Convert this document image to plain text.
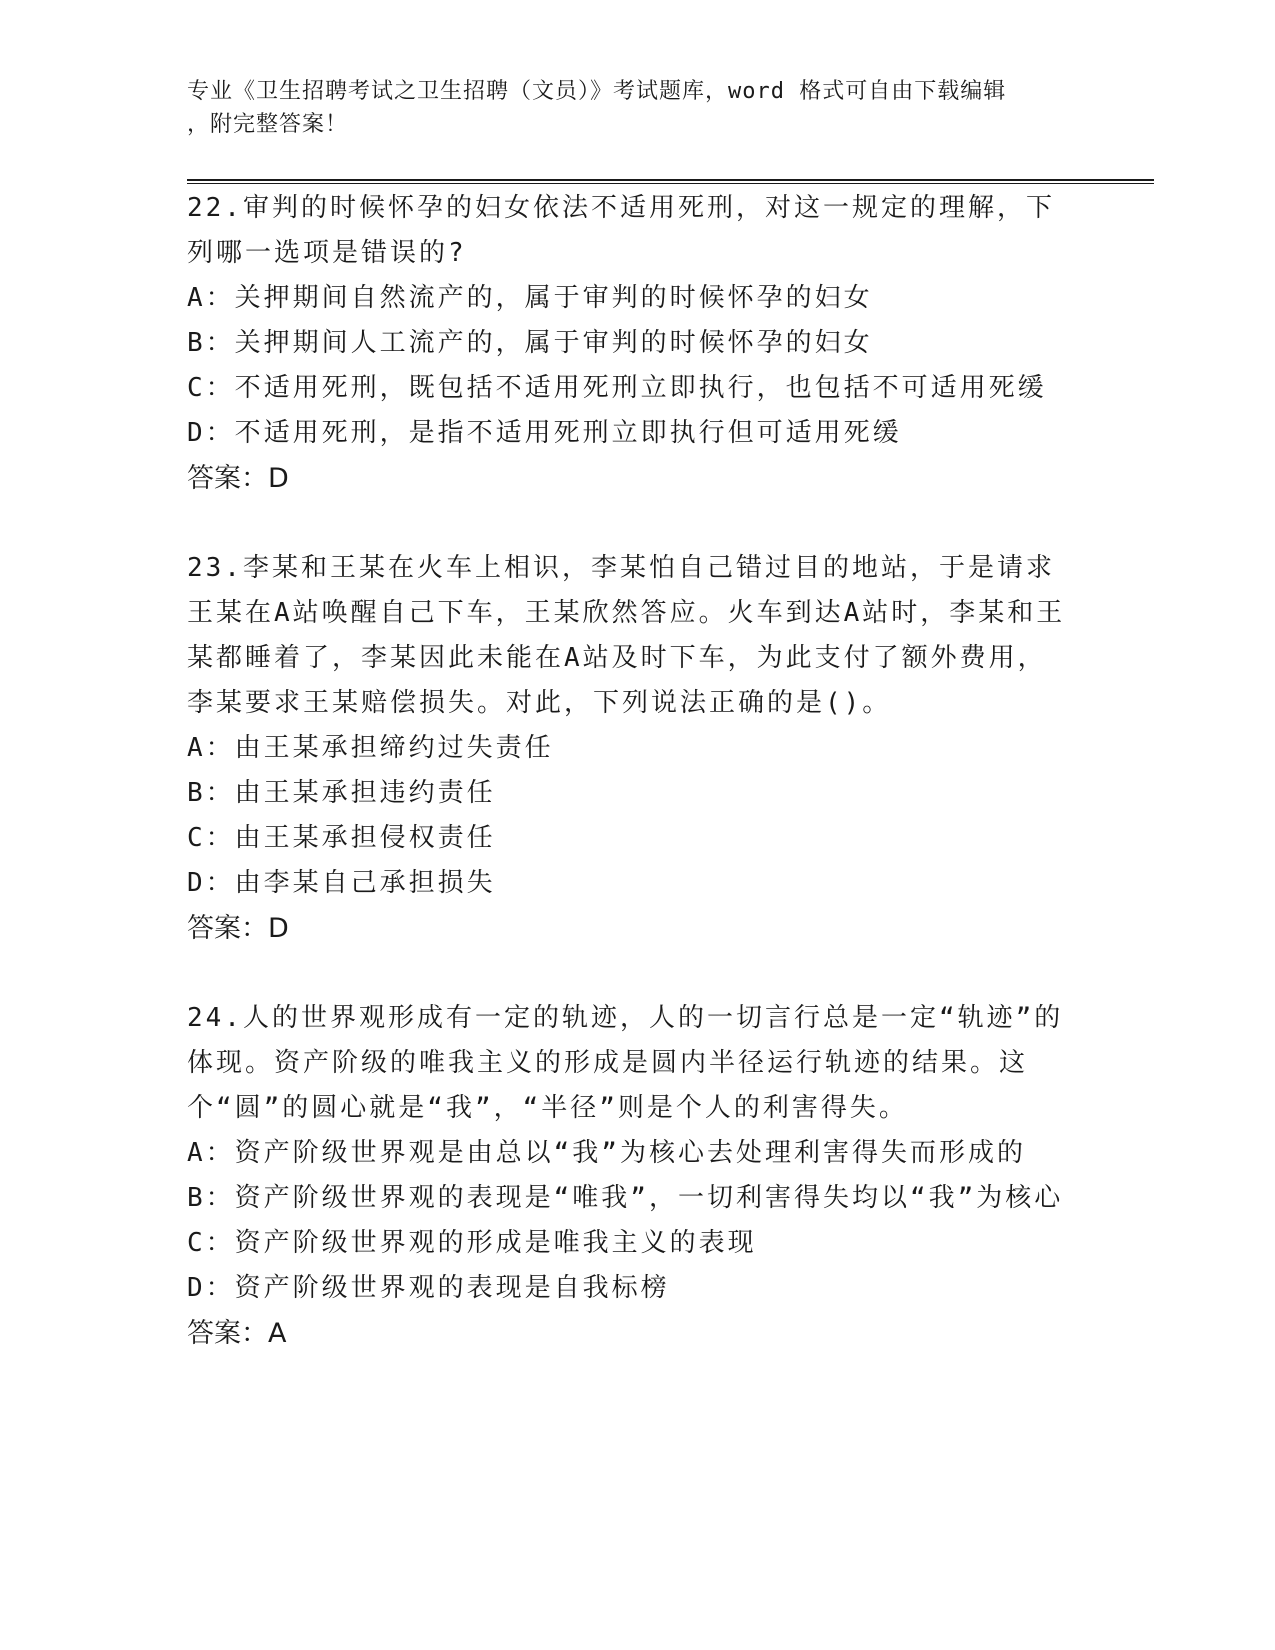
专业《卫生招聘考试之卫生招聘（文员）》考试题库，word 格式可自由下载编辑
，附完整答案！

22.审判的时候怀孕的妇女依法不适用死刑，对这一规定的理解，下列哪一选项是错误的?

A：关押期间自然流产的，属于审判的时候怀孕的妇女

B：关押期间人工流产的，属于审判的时候怀孕的妇女

C：不适用死刑，既包括不适用死刑立即执行，也包括不可适用死缓

D：不适用死刑，是指不适用死刑立即执行但可适用死缓

答案：D

23.李某和王某在火车上相识，李某怕自己错过目的地站，于是请求王某在A站唤醒自己下车，王某欣然答应。火车到达A站时，李某和王某都睡着了，李某因此未能在A站及时下车，为此支付了额外费用，李某要求王某赔偿损失。对此，下列说法正确的是()。

A：由王某承担缔约过失责任

B：由王某承担违约责任

C：由王某承担侵权责任

D：由李某自己承担损失

答案：D

24.人的世界观形成有一定的轨迹，人的一切言行总是一定“轨迹”的体现。资产阶级的唯我主义的形成是圆内半径运行轨迹的结果。这个“圆”的圆心就是“我”，“半径”则是个人的利害得失。

A：资产阶级世界观是由总以“我”为核心去处理利害得失而形成的

B：资产阶级世界观的表现是“唯我”，一切利害得失均以“我”为核心

C：资产阶级世界观的形成是唯我主义的表现

D：资产阶级世界观的表现是自我标榜

答案：A
